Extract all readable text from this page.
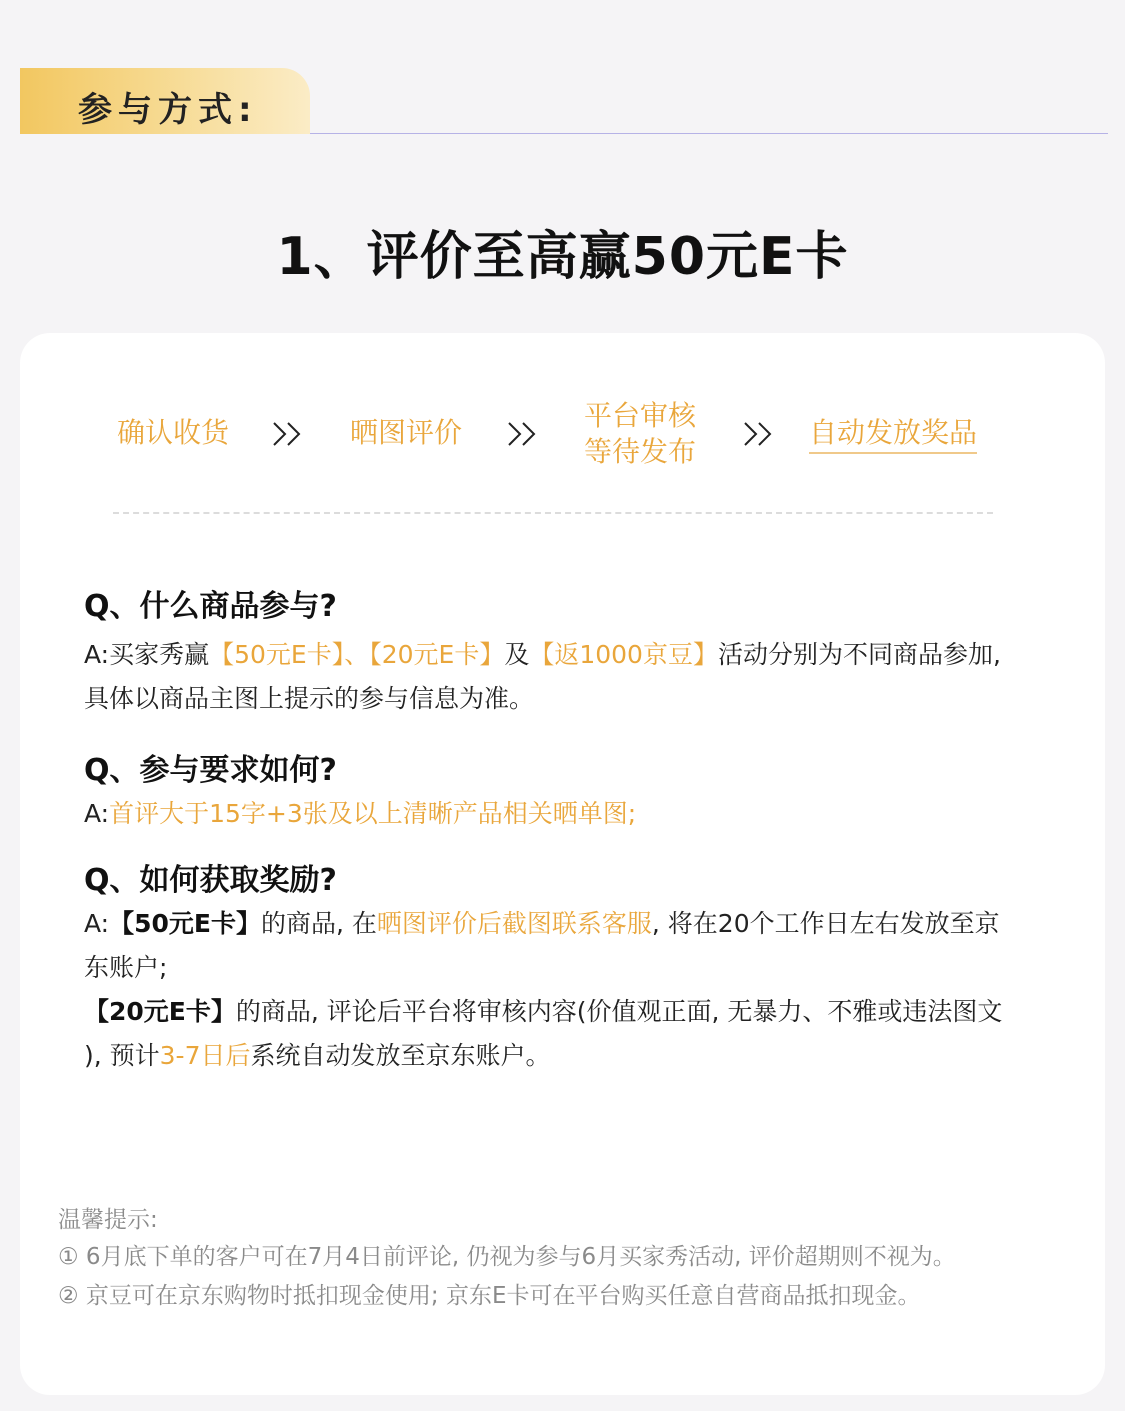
参与方式:
1、评价至高赢50元E卡
确认收货	晒图评价
平台审核
等待发布
自动发放奖品
Q、什么商品参与?
A:买家秀赢【50元E卡】、【20元E卡】及【返1000京豆】活动分别为不同商品参加,
具体以商品主图上提示的参与信息为准。
Q、参与要求如何?
A:首评大于15字+3张及以上清晰产品相关晒单图;
Q、如何获取奖励?
A:【50元E卡】的商品, 在晒图评价后截图联系客服, 将在20个工作日左右发放至京
东账户;
【20元E卡】的商品, 评论后平台将审核内容(价值观正面, 无暴力、不雅或违法图文
), 预计3-7日后系统自动发放至京东账户。
温馨提示:
① 6月底下单的客户可在7月4日前评论, 仍视为参与6月买家秀活动, 评价超期则不视为。
② 京豆可在京东购物时抵扣现金使用; 京东E卡可在平台购买任意自营商品抵扣现金。
